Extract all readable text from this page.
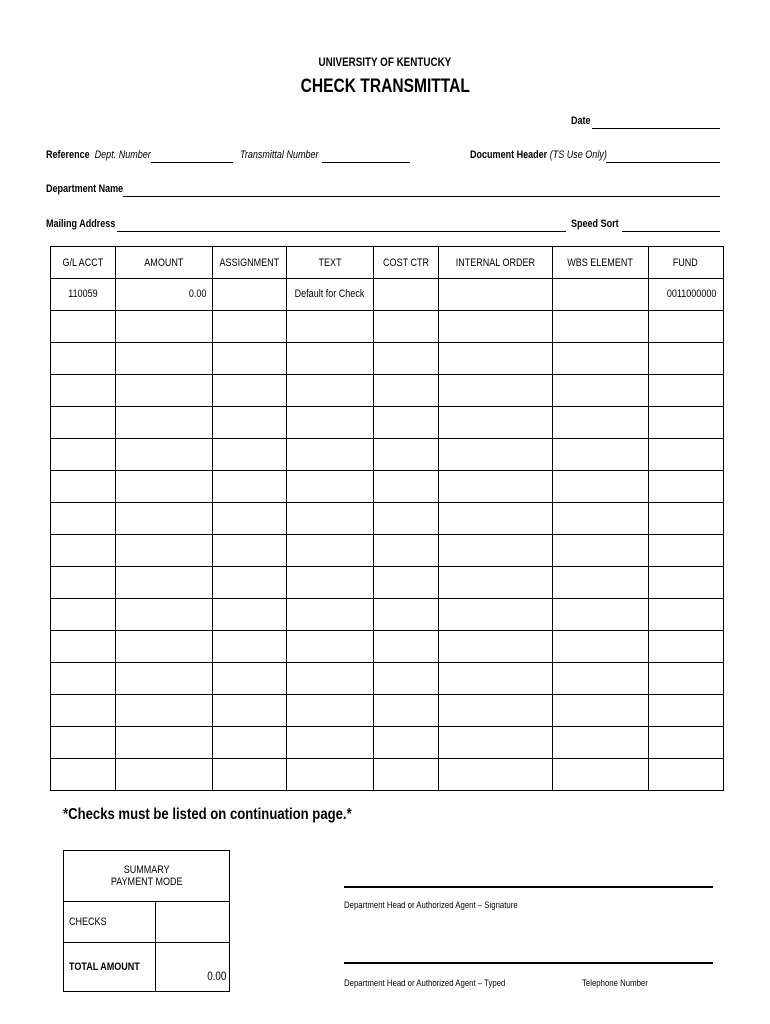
UNIVERSITY OF KENTUCKY
CHECK TRANSMITTAL
Date
Reference Dept. Number	Transmittal Number	Document Header (TS Use Only)
Department Name
Mailing Address	Speed Sort
G/L ACCT	AMOUNT	ASSIGNMENT	TEXT	COST CTR	INTERNAL ORDER	WBS ELEMENT	FUND

110059	0.00		Default for Check				0011000000

*Checks must be listed on continuation page.*
SUMMARY
PAYMENT MODE	

CHECKS	
TOTAL AMOUNT	0.00
Department Head or Authorized Agent – Signature
Department Head or Authorized Agent – Typed	Telephone Number
